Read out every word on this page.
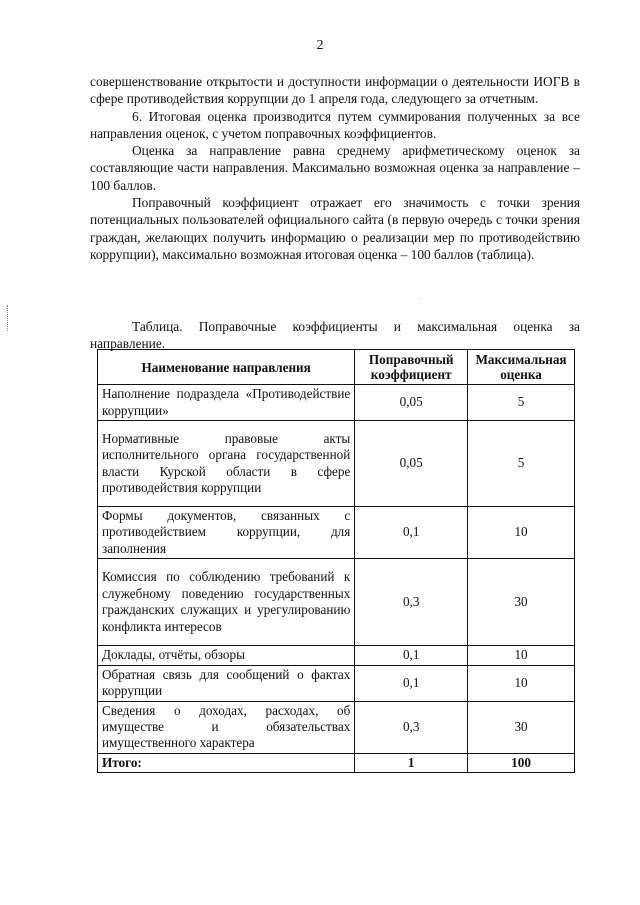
2

совершенствование открытости и доступности информации о деятельности ИОГВ в сфере противодействия коррупции до 1 апреля года, следующего за отчетным.

6. Итоговая оценка производится путем суммирования полученных за все направления оценок, с учетом поправочных коэффициентов.

Оценка за направление равна среднему арифметическому оценок за составляющие части направления. Максимально возможная оценка за направление – 100 баллов.

Поправочный коэффициент отражает его значимость с точки зрения потенциальных пользователей официального сайта (в первую очередь с точки зрения граждан, желающих получить информацию о реализации мер по противодействию коррупции), максимально возможная итоговая оценка – 100 баллов (таблица).

·
Таблица. Поправочные коэффициенты и максимальная оценка за направление.
Наименование направления	Поправочный коэффициент	Максимальная оценка
Наполнение подраздела «Противодействие коррупции»	0,05	5
Нормативные правовые акты исполнительного органа государственной власти Курской области в сфере противодействия коррупции	0,05	5
Формы документов, связанных с противодействием коррупции, для заполнения	0,1	10
Комиссия по соблюдению требований к служебному поведению государственных гражданских служащих и урегулированию конфликта интересов	0,3	30
Доклады, отчёты, обзоры	0,1	10
Обратная связь для сообщений о фактах коррупции	0,1	10
Сведения о доходах, расходах, об имуществе и обязательствах имущественного характера	0,3	30
Итого:	1	100
